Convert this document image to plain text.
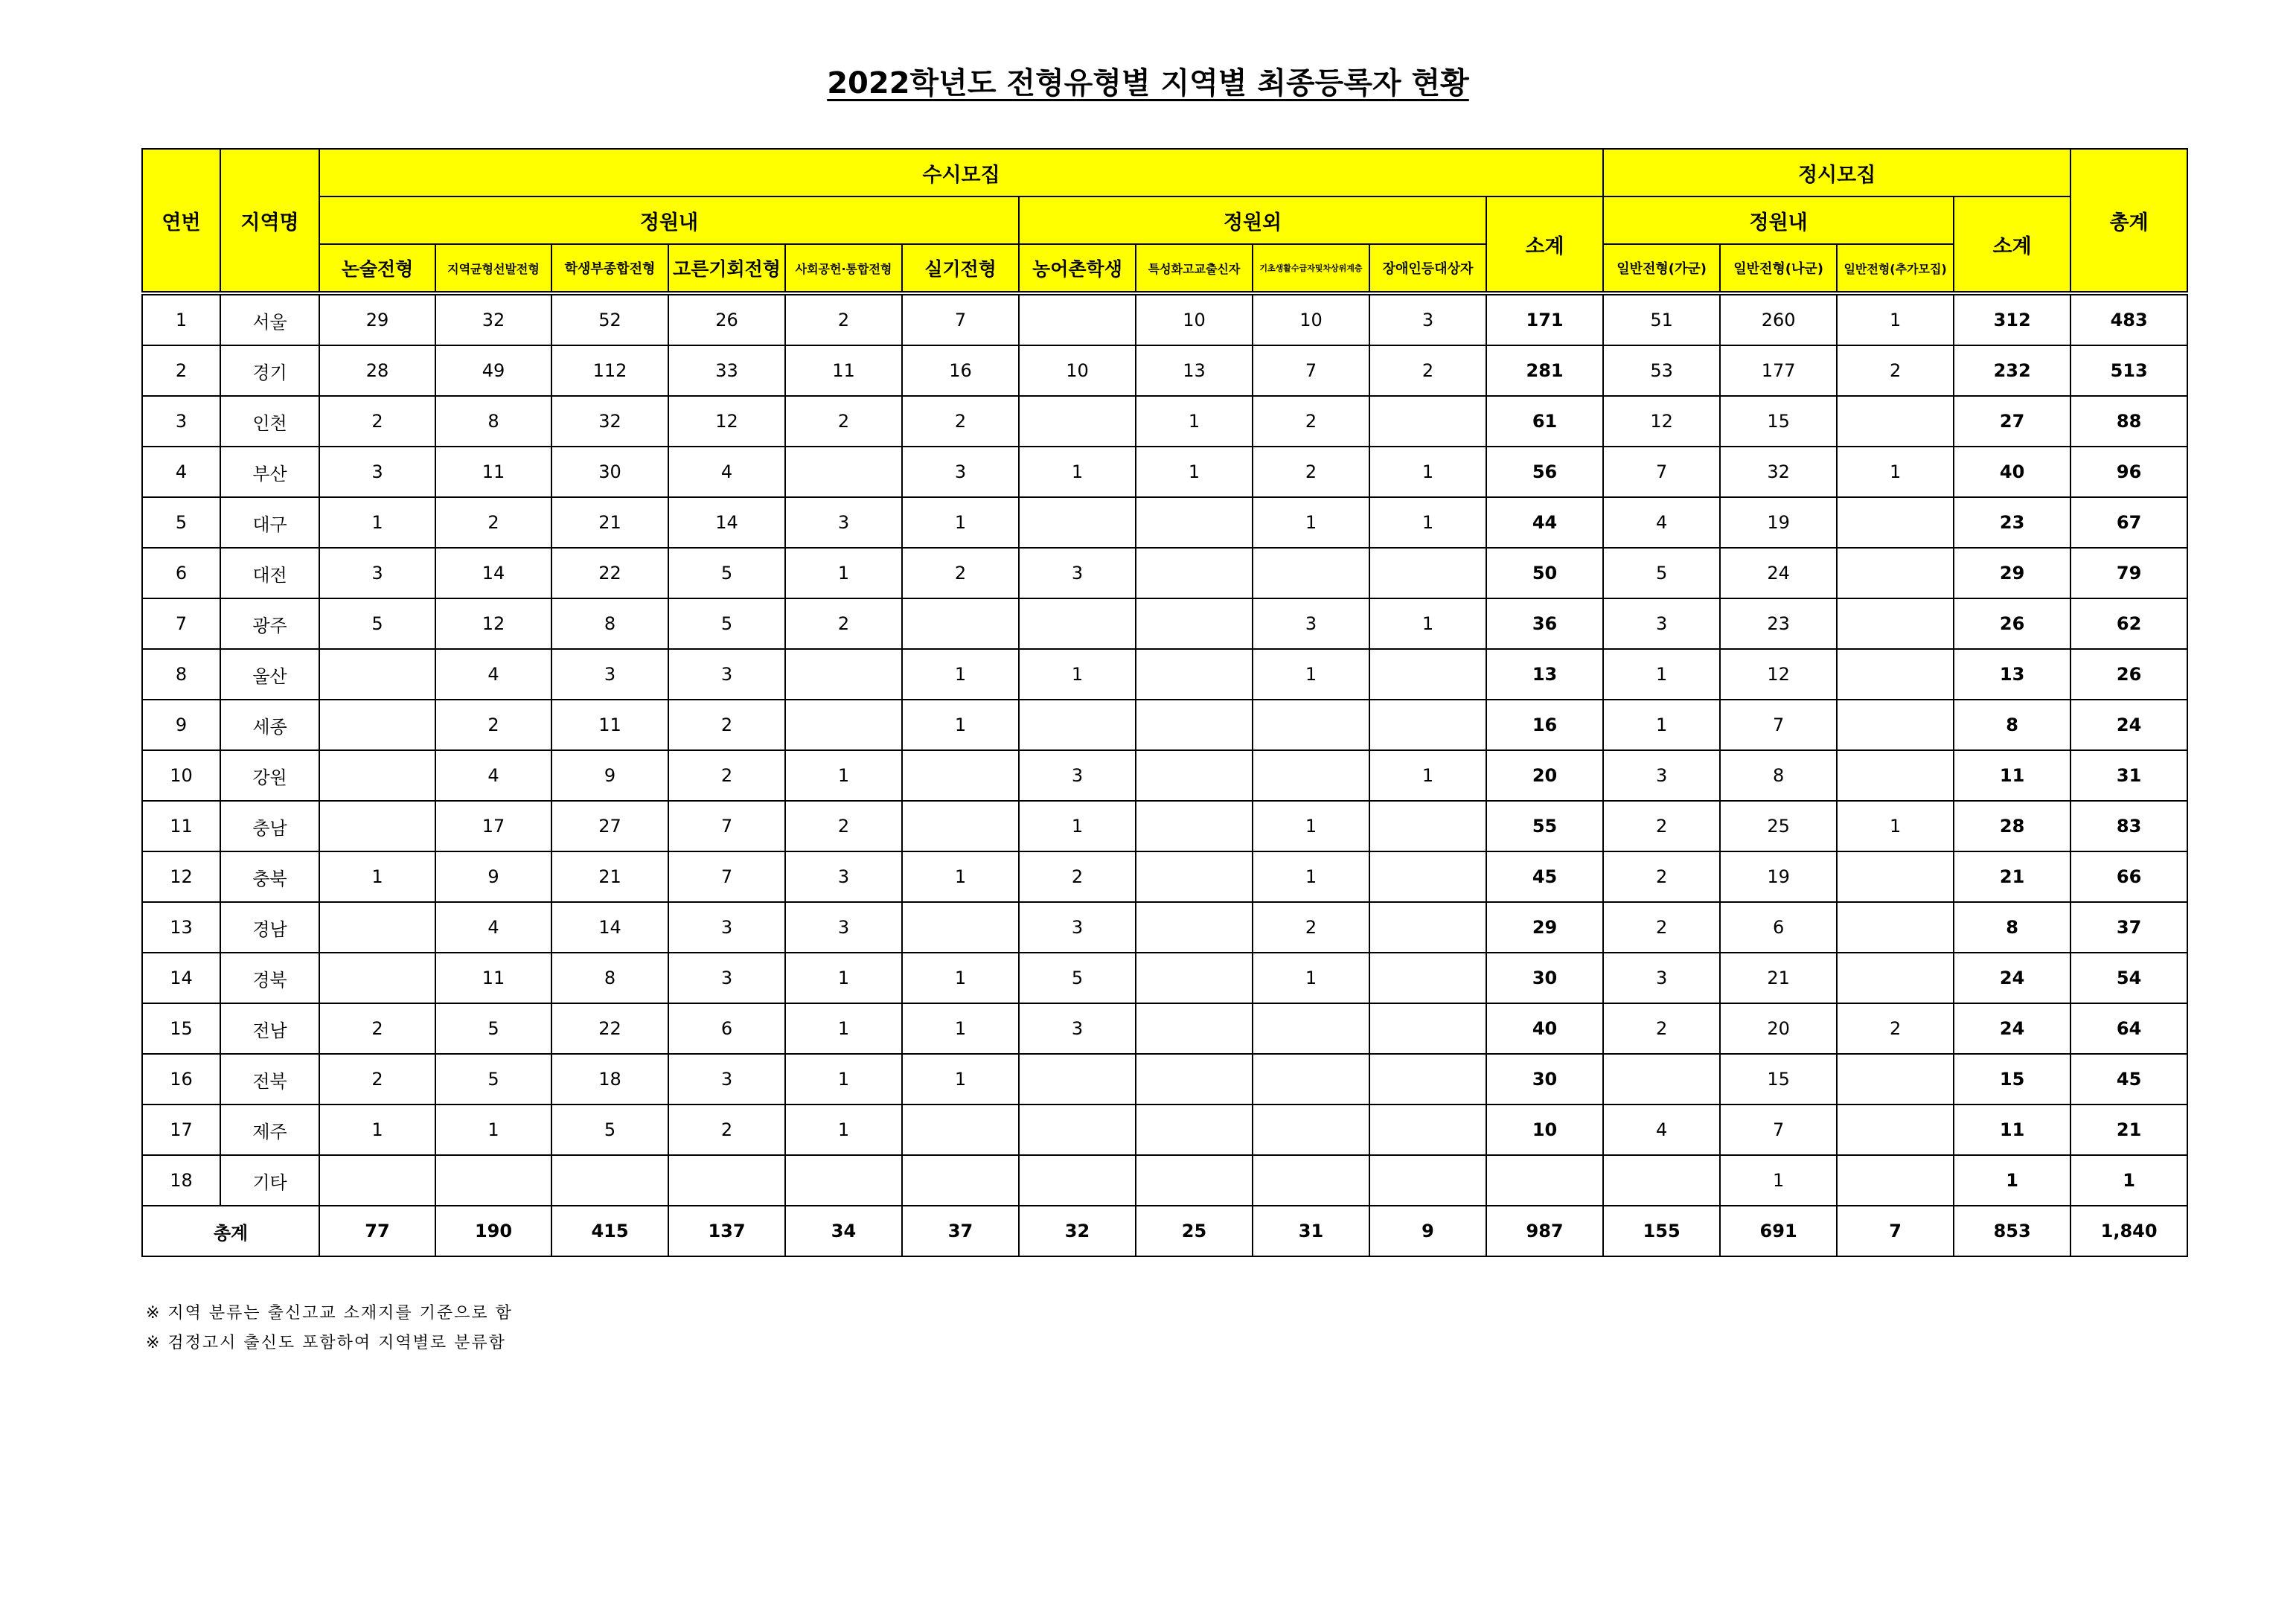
2022학년도 전형유형별 지역별 최종등록자 현황
연번	지역명	수시모집											정시모집				총계
		정원내						정원외				소계	정원내			소계	
		논술전형	지역균형선발전형	학생부종합전형	고른기회전형	사회공헌·통합전형	실기전형	농어촌학생	특성화고교출신자	기초생활수급자및차상위계층	장애인등대상자		일반전형(가군)	일반전형(나군)	일반전형(추가모집)		
1	서울	29	32	52	26	2	7		10	10	3	171	51	260	1	312	483
2	경기	28	49	112	33	11	16	10	13	7	2	281	53	177	2	232	513
3	인천	2	8	32	12	2	2		1	2		61	12	15		27	88
4	부산	3	11	30	4		3	1	1	2	1	56	7	32	1	40	96
5	대구	1	2	21	14	3	1			1	1	44	4	19		23	67
6	대전	3	14	22	5	1	2	3				50	5	24		29	79
7	광주	5	12	8	5	2				3	1	36	3	23		26	62
8	울산		4	3	3		1	1		1		13	1	12		13	26
9	세종		2	11	2		1					16	1	7		8	24
10	강원		4	9	2	1		3			1	20	3	8		11	31
11	충남		17	27	7	2		1		1		55	2	25	1	28	83
12	충북	1	9	21	7	3	1	2		1		45	2	19		21	66
13	경남		4	14	3	3		3		2		29	2	6		8	37
14	경북		11	8	3	1	1	5		1		30	3	21		24	54
15	전남	2	5	22	6	1	1	3				40	2	20	2	24	64
16	전북	2	5	18	3	1	1					30		15		15	45
17	제주	1	1	5	2	1						10	4	7		11	21
18	기타													1		1	1
총계		77	190	415	137	34	37	32	25	31	9	987	155	691	7	853	1,840
※ 지역 분류는 출신고교 소재지를 기준으로 함
※ 검정고시 출신도 포함하여 지역별로 분류함
